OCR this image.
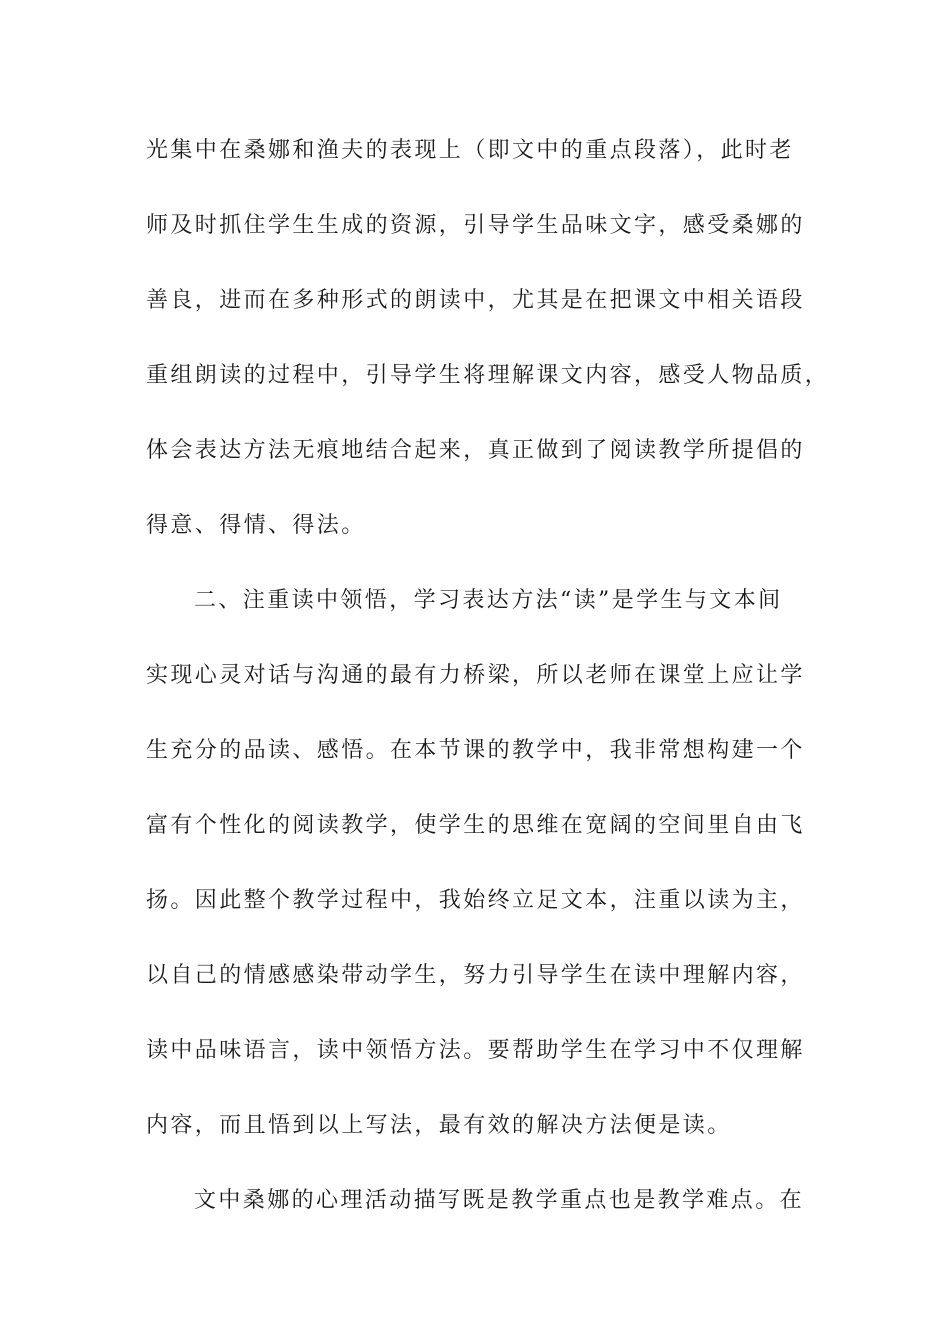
光集中在桑娜和渔夫的表现上（即文中的重点段落），此时老
师及时抓住学生生成的资源，引导学生品味文字，感受桑娜的
善良，进而在多种形式的朗读中，尤其是在把课文中相关语段
重组朗读的过程中，引导学生将理解课文内容，感受人物品质，
体会表达方法无痕地结合起来，真正做到了阅读教学所提倡的
得意、得情、得法。
二、注重读中领悟，学习表达方法“读”是学生与文本间
实现心灵对话与沟通的最有力桥梁，所以老师在课堂上应让学
生充分的品读、感悟。在本节课的教学中，我非常想构建一个
富有个性化的阅读教学，使学生的思维在宽阔的空间里自由飞
扬。因此整个教学过程中，我始终立足文本，注重以读为主，
以自己的情感感染带动学生，努力引导学生在读中理解内容，
读中品味语言，读中领悟方法。要帮助学生在学习中不仅理解
内容，而且悟到以上写法，最有效的解决方法便是读。
文中桑娜的心理活动描写既是教学重点也是教学难点。在
